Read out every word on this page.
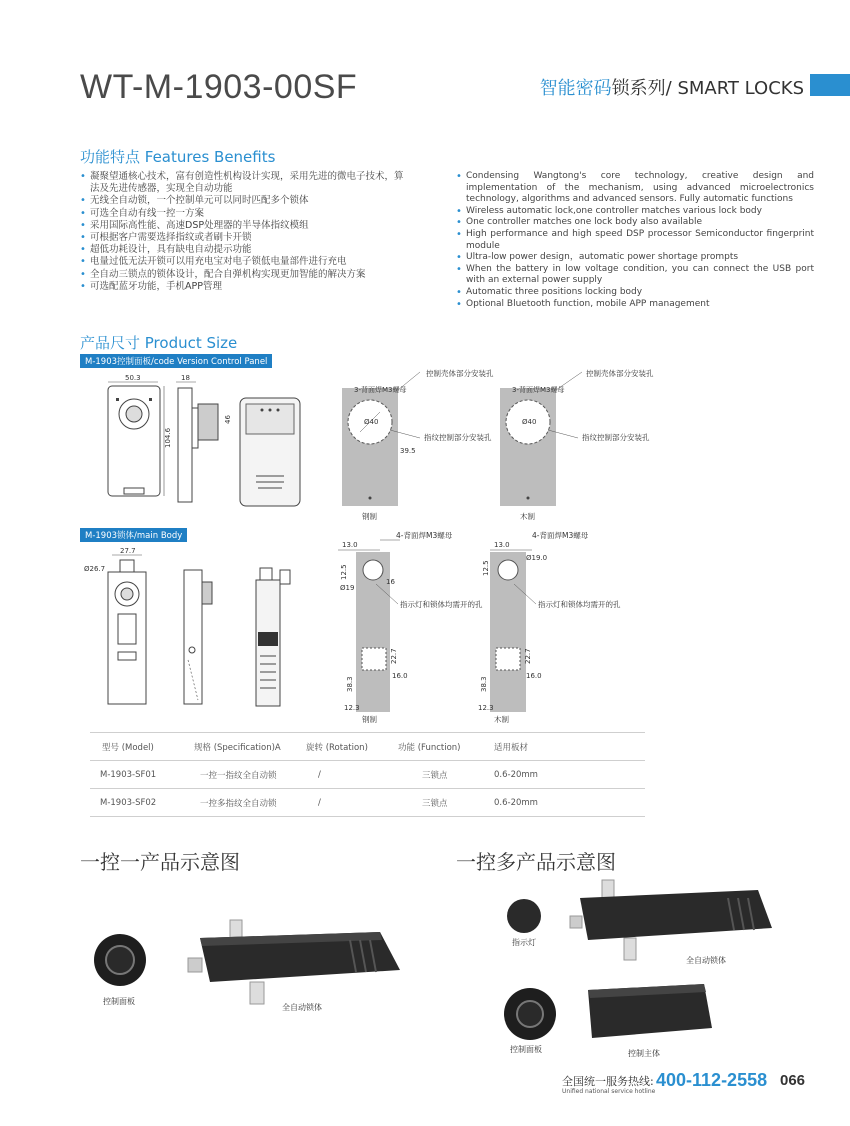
WT-M-1903-00SF	智能密码锁系列/ SMART LOCKS
功能特点 Features Benefits
• 凝聚望通核心技术，富有创造性机构设计实现，采用先进的微电子技术，算法及先进传感器，实现全自动功能
• 无线全自动锁，一个控制单元可以同时匹配多个锁体
• 可选全自动有线一控一方案
• 采用国际高性能、高速DSP处理器的半导体指纹模组
• 可根据客户需要选择指纹或者刷卡开锁
• 超低功耗设计，具有缺电自动提示功能
• 电量过低无法开锁可以用充电宝对电子锁低电量部件进行充电
• 全自动三锁点的锁体设计，配合自弹机构实现更加智能的解决方案
• 可选配蓝牙功能，手机APP管理
• Condensing Wangtong's core technology, creative design and implementation of the mechanism, using advanced microelectronics technology, algorithms and advanced sensors. Fully automatic functions
• Wireless automatic lock,one controller matches various lock body
• One controller matches one lock body also available
• High performance and high speed DSP processor Semiconductor fingerprint module
• Ultra-low power design，automatic power shortage prompts
• When the battery in low voltage condition, you can connect the USB port with an external power supply
• Automatic three positions locking body
• Optional Bluetooth function, mobile APP management
产品尺寸 Product Size
M-1903控制面板/code Version Control Panel
50.3
104.6
18
46	Ø40
3-背面焊M3螺母
控制壳体部分安装孔
指纹控制部分安装孔
39.5
钢制
Ø40
3-背面焊M3螺母
控制壳体部分安装孔
指纹控制部分安装孔
木制
M-1903锁体/main Body
27.7
Ø26.7
13.0
12.5
16
Ø19
4-背面焊M3螺母
指示灯和锁体均需开的孔
22.7
16.0
38.3
12.3
钢制
13.0
12.5
Ø19.0
4-背面焊M3螺母
指示灯和锁体均需开的孔
22.7
16.0
38.3
12.3
木制
型号 (Model)	规格 (Specification)A	旋转 (Rotation)	功能 (Function)	适用板材
M-1903-SF01	一控一指纹全自动锁	/	三锁点	0.6-20mm
M-1903-SF02	一控多指纹全自动锁	/	三锁点	0.6-20mm
一控一产品示意图	一控多产品示意图
控制面板
全自动锁体
指示灯
全自动锁体
控制面板	控制主体
全国统一服务热线:
Unified national service hotline
400-112-2558 066
